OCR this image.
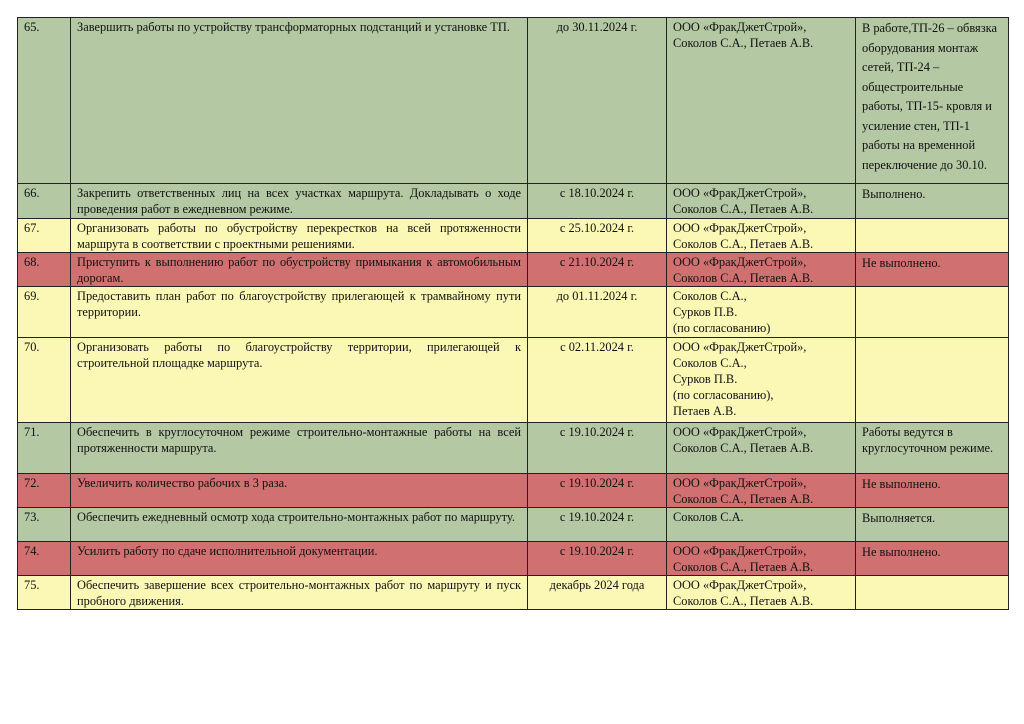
65.	Завершить работы по устройству трансформаторных подстанций и установке ТП.	до 30.11.2024 г.	ООО «ФракДжетСтрой»,
Соколов С.А., Петаев А.В.	В работе,ТП-26 – обвязка оборудования монтаж сетей, ТП-24 – общестроительные работы, ТП-15- кровля и усиление стен, ТП-1 работы на временной переключение до 30.10.
66.	Закрепить ответственных лиц на всех участках маршрута. Докладывать о ходе проведения работ в ежедневном режиме.	с 18.10.2024 г.	ООО «ФракДжетСтрой»,
Соколов С.А., Петаев А.В.	Выполнено.
67.	Организовать работы по обустройству перекрестков на всей протяженности маршрута в соответствии с проектными решениями.	с 25.10.2024 г.	ООО «ФракДжетСтрой»,
Соколов С.А., Петаев А.В.	
68.	Приступить к выполнению работ по обустройству примыкания к автомобильным дорогам.	с 21.10.2024 г.	ООО «ФракДжетСтрой»,
Соколов С.А., Петаев А.В.	Не выполнено.
69.	Предоставить план работ по благоустройству прилегающей к трамвайному пути территории.	до 01.11.2024 г.	Соколов С.А.,
Сурков П.В.
(по согласованию)	
70.	Организовать работы по благоустройству территории, прилегающей к строительной площадке маршрута.	с 02.11.2024 г.	ООО «ФракДжетСтрой»,
Соколов С.А.,
Сурков П.В.
(по согласованию),
Петаев А.В.	
71.	Обеспечить в круглосуточном режиме строительно-монтажные работы на всей протяженности маршрута.	с 19.10.2024 г.	ООО «ФракДжетСтрой»,
Соколов С.А., Петаев А.В.	Работы ведутся в круглосуточном режиме.
72.	Увеличить количество рабочих в 3 раза.	с 19.10.2024 г.	ООО «ФракДжетСтрой»,
Соколов С.А., Петаев А.В.	Не выполнено.
73.	Обеспечить ежедневный осмотр хода строительно-монтажных работ по маршруту.	с 19.10.2024 г.	Соколов С.А.	Выполняется.
74.	Усилить работу по сдаче исполнительной документации.	с 19.10.2024 г.	ООО «ФракДжетСтрой»,
Соколов С.А., Петаев А.В.	Не выполнено.
75.	Обеспечить завершение всех строительно-монтажных работ по маршруту и пуск пробного движения.	декабрь 2024 года	ООО «ФракДжетСтрой»,
Соколов С.А., Петаев А.В.	
